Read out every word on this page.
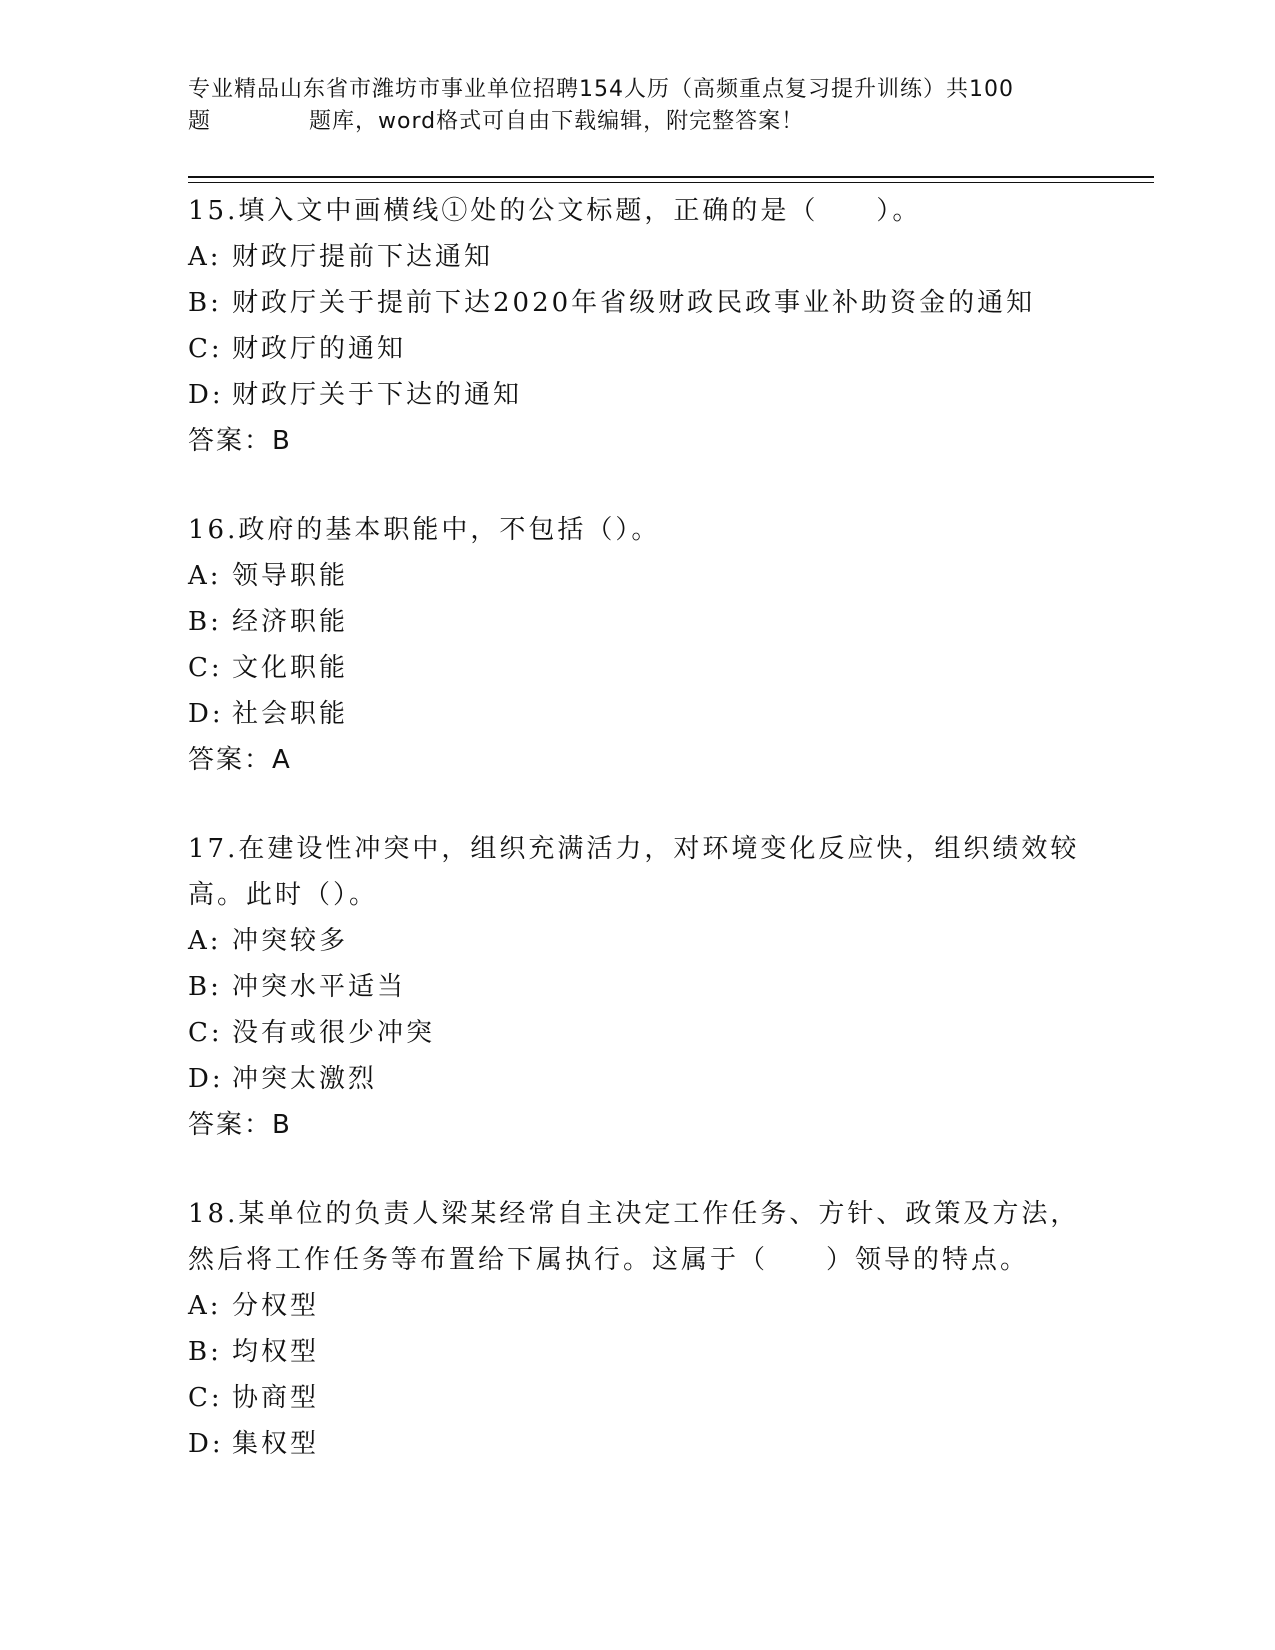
专业精品山东省市潍坊市事业单位招聘154人历（高频重点复习提升训练）共100
题	题库，word格式可自由下载编辑，附完整答案！
15.填入文中画横线①处的公文标题，正确的是（　　）。
A: 财政厅提前下达通知
B: 财政厅关于提前下达2020年省级财政民政事业补助资金的通知
C: 财政厅的通知
D: 财政厅关于下达的通知
答案：B
16.政府的基本职能中，不包括（）。
A: 领导职能
B: 经济职能
C: 文化职能
D: 社会职能
答案：A
17.在建设性冲突中，组织充满活力，对环境变化反应快，组织绩效较
高。此时（）。
A: 冲突较多
B: 冲突水平适当
C: 没有或很少冲突
D: 冲突太激烈
答案：B
18.某单位的负责人梁某经常自主决定工作任务、方针、政策及方法，
然后将工作任务等布置给下属执行。这属于（　　）领导的特点。
A: 分权型
B: 均权型
C: 协商型
D: 集权型
